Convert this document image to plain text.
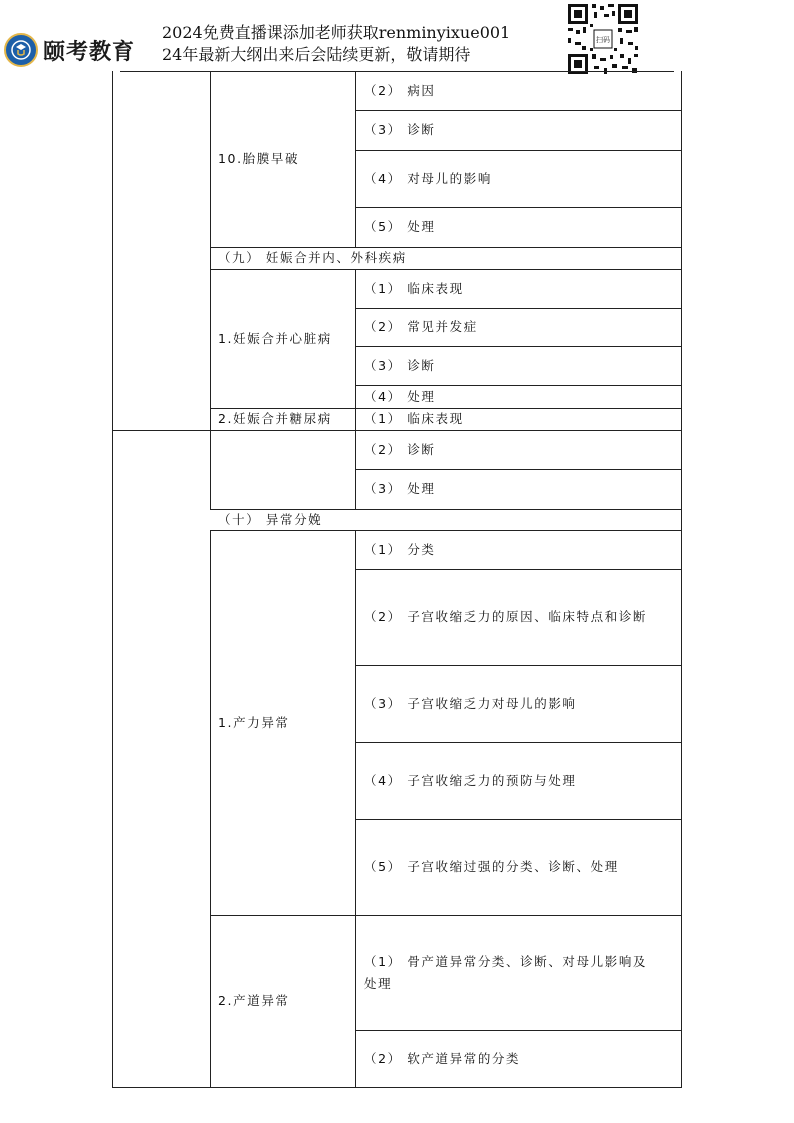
颐考教育
2024免费直播课添加老师获取renminyixue001
24年最新大纲出来后会陆续更新，敬请期待
扫码
10.胎膜早破
（2） 病因
（3） 诊断
（4） 对母儿的影响
（5） 处理
（九） 妊娠合并内、外科疾病
1.妊娠合并心脏病
（1） 临床表现
（2） 常见并发症
（3） 诊断
（4） 处理
2.妊娠合并糖尿病	（1） 临床表现
（2） 诊断
（3） 处理
（十） 异常分娩
1.产力异常
（1） 分类
（2） 子宫收缩乏力的原因、临床特点和诊断
（3） 子宫收缩乏力对母儿的影响
（4） 子宫收缩乏力的预防与处理
（5） 子宫收缩过强的分类、诊断、处理
2.产道异常
（1） 骨产道异常分类、诊断、对母儿影响及 处理
（2） 软产道异常的分类
